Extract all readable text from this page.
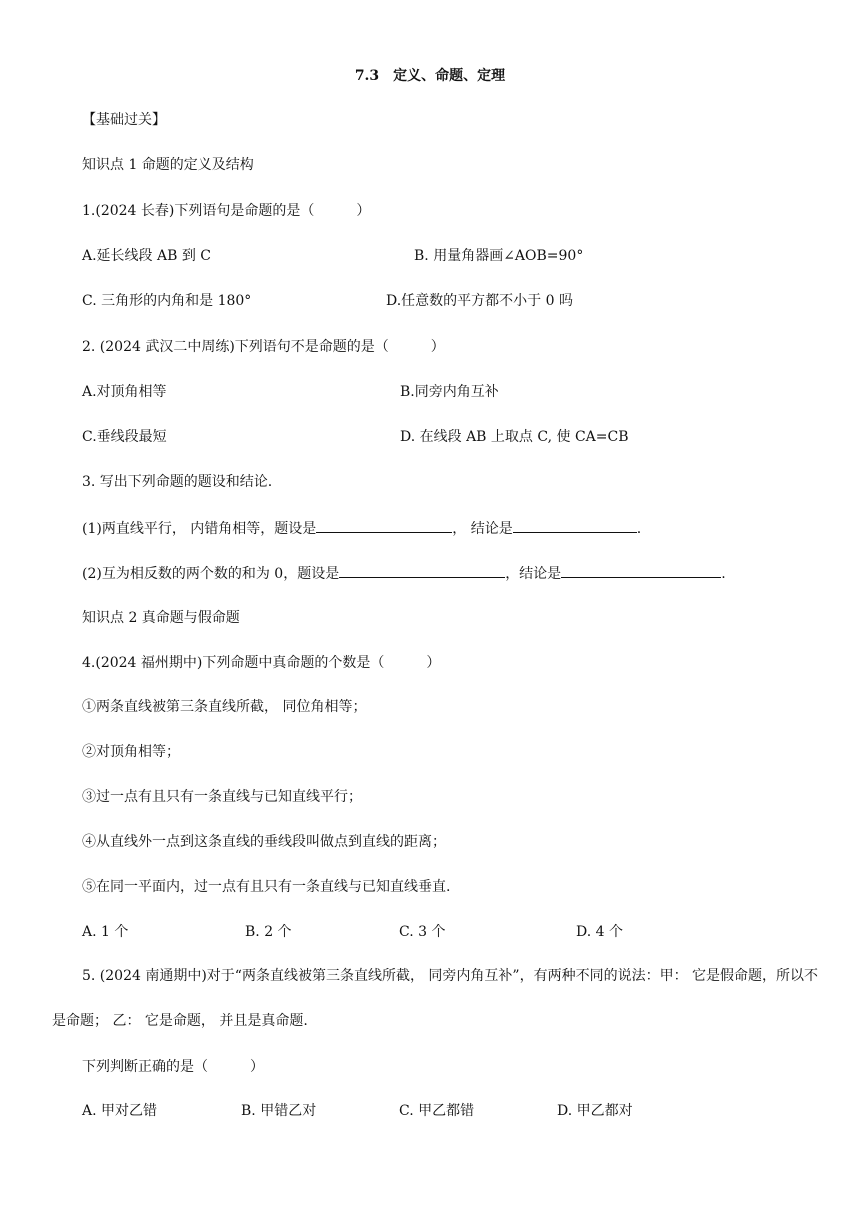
7.3　定义、命题、定理
【基础过关】
知识点 1 命题的定义及结构
1.(2024 长春)下列语句是命题的是（　　　）
A.延长线段 AB 到 C	B. 用量角器画∠AOB=90°
C. 三角形的内角和是 180°	D.任意数的平方都不小于 0 吗
2. (2024 武汉二中周练)下列语句不是命题的是（　　　）
A.对顶角相等	B.同旁内角互补
C.垂线段最短	D. 在线段 AB 上取点 C, 使 CA=CB
3. 写出下列命题的题设和结论.
(1)两直线平行， 内错角相等，题设是	， 结论是	.
(2)互为相反数的两个数的和为 0，题设是	，结论是	.
知识点 2 真命题与假命题
4.(2024 福州期中)下列命题中真命题的个数是（　　　）
①两条直线被第三条直线所截， 同位角相等；
②对顶角相等；
③过一点有且只有一条直线与已知直线平行；
④从直线外一点到这条直线的垂线段叫做点到直线的距离；
⑤在同一平面内，过一点有且只有一条直线与已知直线垂直.
A. 1 个	B. 2 个	C. 3 个	D. 4 个
5. (2024 南通期中)对于“两条直线被第三条直线所截， 同旁内角互补”，有两种不同的说法：甲： 它是假命题，所以不是命题； 乙： 它是命题， 并且是真命题.
下列判断正确的是（　　　）
A. 甲对乙错	B. 甲错乙对	C. 甲乙都错	D. 甲乙都对
